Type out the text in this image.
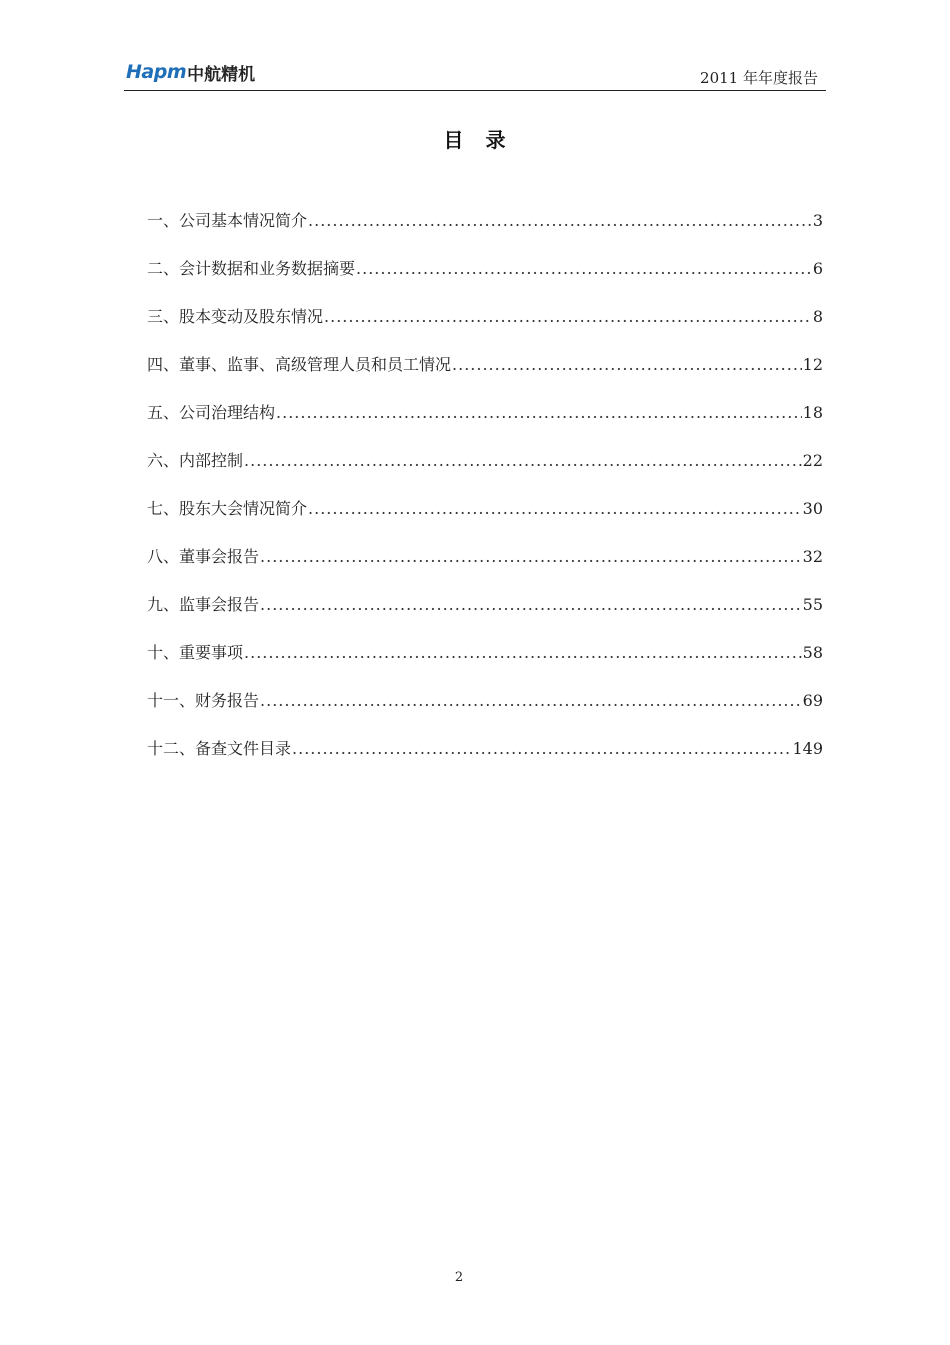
Hapm 中航精机	2011 年年度报告
目　录
一、公司基本情况简介 .....	3
二、会计数据和业务数据摘要 .....	6
三、股本变动及股东情况 .....	8
四、董事、监事、高级管理人员和员工情况 .....	12
五、公司治理结构 .....	18
六、内部控制 .....	22
七、股东大会情况简介 .....	30
八、董事会报告 .....	32
九、监事会报告 .....	55
十、重要事项 .....	58
十一、财务报告 .....	69
十二、备查文件目录 .....	149
2
